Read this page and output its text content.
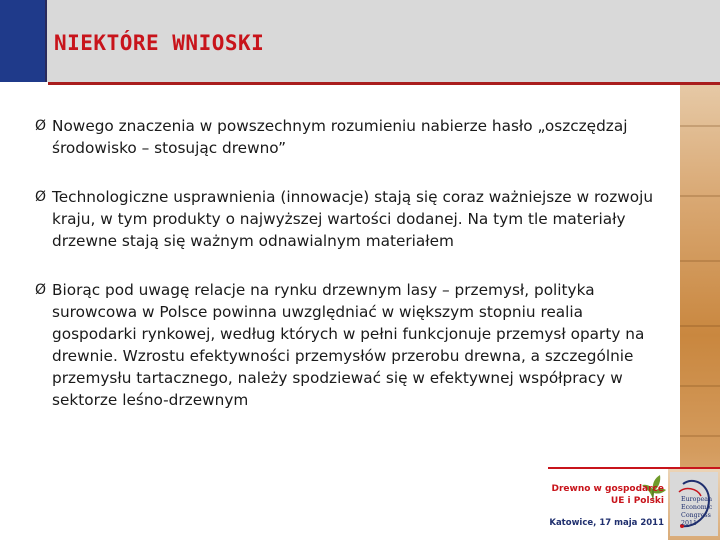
NIEKTÓRE WNIOSKI
Ø Nowego znaczenia w powszechnym rozumieniu nabierze hasło „oszczędzaj środowisko – stosując drewno”
Ø Technologiczne usprawnienia (innowacje) stają się coraz ważniejsze w rozwoju kraju, w tym produkty o najwyższej wartości dodanej. Na tym tle materiały drzewne stają się ważnym odnawialnym materiałem
Ø Biorąc pod uwagę relacje na rynku drzewnym lasy – przemysł, polityka surowcowa w Polsce powinna uwzględniać w większym stopniu realia gospodarki rynkowej, według których w pełni funkcjonuje przemysł oparty na drewnie. Wzrostu efektywności przemysłów przerobu drewna, a szczególnie przemysłu tartacznego, należy spodziewać się w efektywnej współpracy w sektorze leśno-drzewnym
Drewno w gospodarce
UE i Polski
Katowice, 17 maja 2011
European
Economic
Congress
2011
